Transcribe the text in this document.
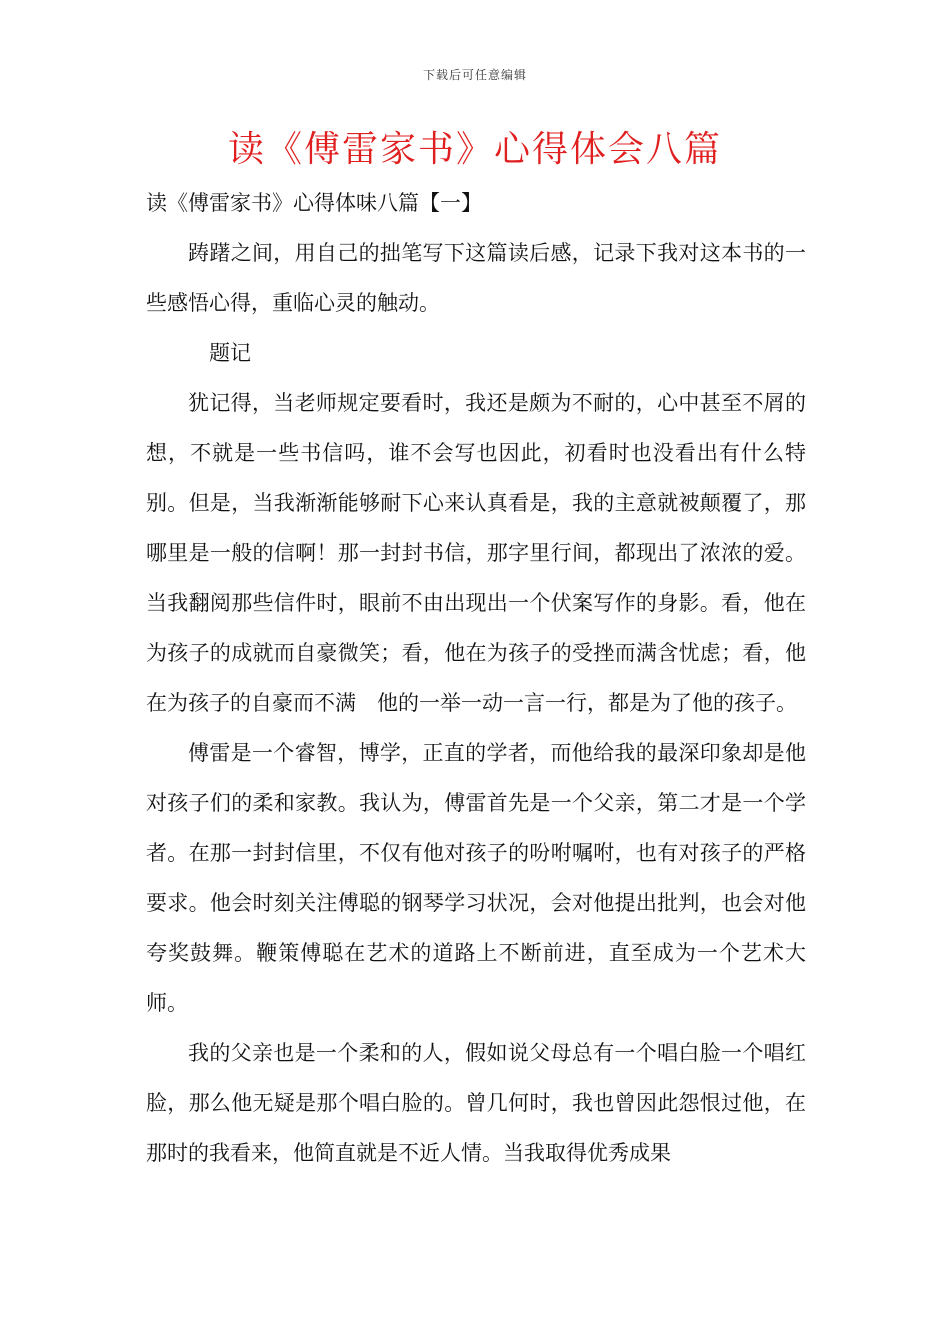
下载后可任意编辑
读《傅雷家书》心得体会八篇

读《傅雷家书》心得体味八篇【一】

踌躇之间，用自己的拙笔写下这篇读后感，记录下我对这本书的一些感悟心得，重临心灵的触动。

题记

犹记得，当老师规定要看时，我还是颇为不耐的，心中甚至不屑的想，不就是一些书信吗，谁不会写也因此，初看时也没看出有什么特别。但是，当我渐渐能够耐下心来认真看是，我的主意就被颠覆了，那哪里是一般的信啊！那一封封书信，那字里行间，都现出了浓浓的爱。当我翻阅那些信件时，眼前不由出现出一个伏案写作的身影。看，他在为孩子的成就而自豪微笑；看，他在为孩子的受挫而满含忧虑；看，他在为孩子的自豪而不满　他的一举一动一言一行，都是为了他的孩子。

傅雷是一个睿智，博学，正直的学者，而他给我的最深印象却是他对孩子们的柔和家教。我认为，傅雷首先是一个父亲，第二才是一个学者。在那一封封信里，不仅有他对孩子的吩咐嘱咐，也有对孩子的严格要求。他会时刻关注傅聪的钢琴学习状况，会对他提出批判，也会对他夸奖鼓舞。鞭策傅聪在艺术的道路上不断前进，直至成为一个艺术大师。

我的父亲也是一个柔和的人，假如说父母总有一个唱白脸一个唱红脸，那么他无疑是那个唱白脸的。曾几何时，我也曾因此怨恨过他，在那时的我看来，他简直就是不近人情。当我取得优秀成果
